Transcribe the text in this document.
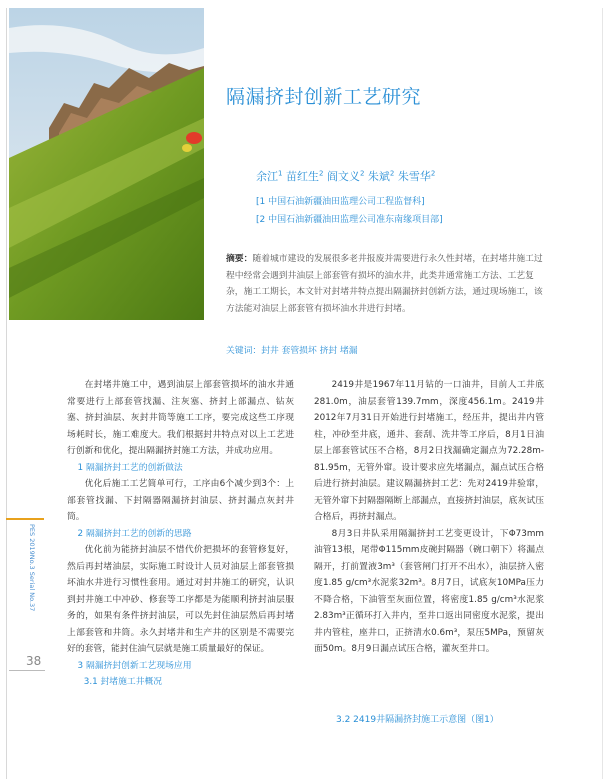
PES 2019No.3 Serial No.37
38
隔漏挤封创新工艺研究
余江$^1$ 苗红生$^2$ 阎文义$^2$ 朱斌$^2$ 朱雪华$^2$
[1 中国石油新疆油田监理公司工程监督科]
[2 中国石油新疆油田监理公司准东南缘项目部]
摘要：随着城市建设的发展很多老井报废并需要进行永久性封堵，在封堵井施工过程中经常会遇到井油层上部套管有损坏的油水井，此类井通常施工方法、工艺复杂，施工工期长，本文针对封堵井特点提出隔漏挤封创新方法，通过现场施工，该方法能对油层上部套管有损坏油水井进行封堵。
关键词：封井 套管损坏 挤封 堵漏

在封堵井施工中，遇到油层上部套管损坏的油水井通常要进行上部套管找漏、注灰塞、挤封上部漏点、钻灰塞、挤封油层、灰封井筒等施工工序，要完成这些工序现场耗时长，施工难度大。我们根据封井特点对以上工艺进行创新和优化，提出隔漏挤封施工方法，并成功应用。

1 隔漏挤封工艺的创新做法

优化后施工工艺简单可行，工序由6个减少到3个：上部套管找漏、下封隔器隔漏挤封油层、挤封漏点灰封井筒。

2 隔漏挤封工艺的创新的思路

优化前为能挤封油层不惜代价把损坏的套管修复好，然后再封堵油层，实际施工时设计人员对油层上部套管损坏油水井进行习惯性套用。通过对封井施工的研究，认识到封井施工中冲砂、修套等工序都是为能顺利挤封油层服务的，如果有条件挤封油层，可以先封住油层然后再封堵上部套管和井筒。永久封堵井和生产井的区别是不需要完好的套管，能封住油气层就是施工质量最好的保证。

3 隔漏挤封创新工艺现场应用

3.1 封堵施工井概况

2419井是1967年11月钻的一口油井，目前人工井底281.0m，油层套管139.7mm，深度456.1m。2419井2012年7月31日开始进行封堵施工，经压井，提出井内管柱，冲砂至井底，通井、套刮、洗井等工序后，8月1日油层上部套管试压不合格，8月2日找漏确定漏点为72.28m-81.95m，无管外窜。设计要求应先堵漏点，漏点试压合格后进行挤封油层。建议隔漏挤封工艺：先对2419井验窜，无管外窜下封隔器隔断上部漏点，直接挤封油层，底灰试压合格后，再挤封漏点。

8月3日井队采用隔漏挤封工艺变更设计，下Φ73mm油管13根，尾带Φ115mm皮碗封隔器（碗口朝下）将漏点隔开，打前置液3m³（套管闸门打开不出水），油层挤入密度1.85 g/cm³水泥浆32m³。8月7日，试底灰10MPa压力不降合格，下油管至灰面位置，将密度1.85 g/cm³水泥浆2.83m³正循环打入井内，至井口返出同密度水泥浆，提出井内管柱，座井口，正挤清水0.6m³，泵压5MPa，预留灰面50m。8月9日漏点试压合格，灌灰至井口。

3.2 2419井隔漏挤封施工示意图（图1）
